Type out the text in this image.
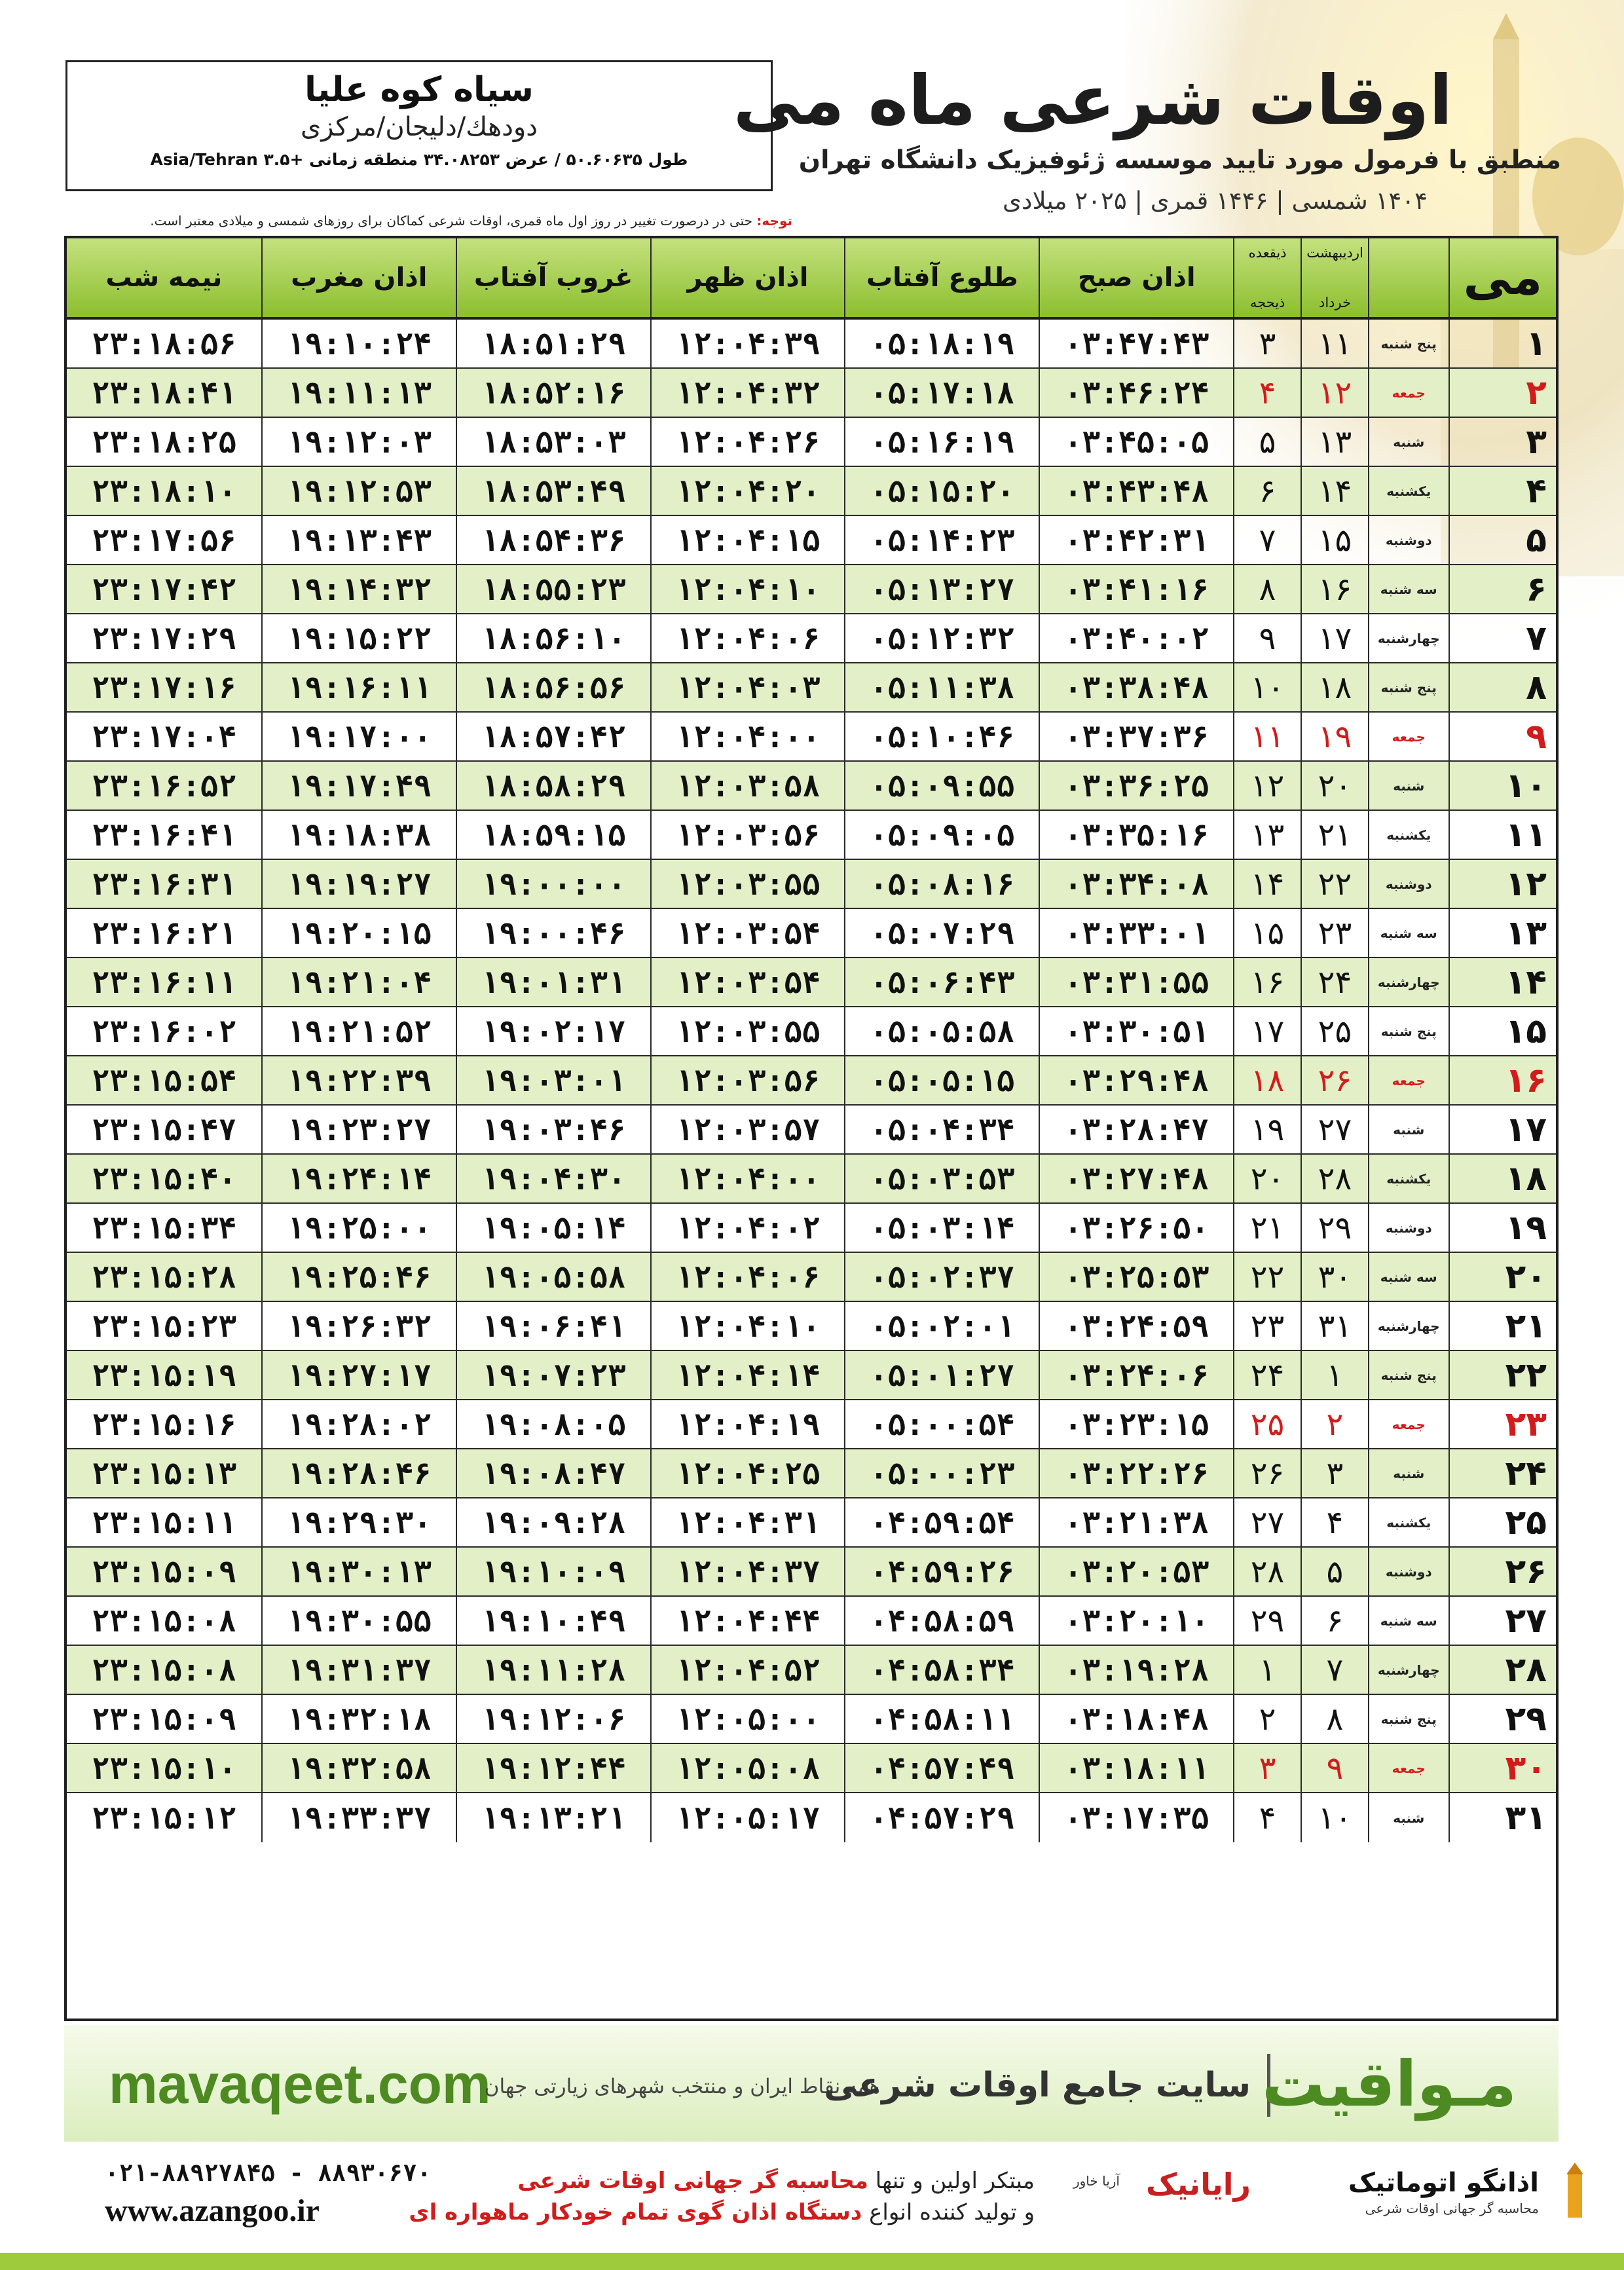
سیاه کوه علیا
دودهك/دلیجان/مرکزی
طول ۵۰.۶۰۶۳۵ / عرض ۳۴.۰۸۲۵۳ منطقه زمانی +۳.۵ Asia/Tehran
اوقات شرعی ماه می
منطبق با فرمول مورد تایید موسسه ژئوفیزیک دانشگاه تهران
۱۴۰۴ شمسی | ۱۴۴۶ قمری | ۲۰۲۵ میلادی
توجه: حتی در درصورت تغییر در روز اول ماه قمری، اوقات شرعی کماکان برای روزهای شمسی و میلادی معتبر است.
می
اردیبهشت
خرداد
ذیقعده
ذیحجه
اذان صبح
طلوع آفتاب
اذان ظهر
غروب آفتاب
اذان مغرب
نیمه شب
۱
پنج شنبه
۱۱
۳
۰۳:۴۷:۴۳
۰۵:۱۸:۱۹
۱۲:۰۴:۳۹
۱۸:۵۱:۲۹
۱۹:۱۰:۲۴
۲۳:۱۸:۵۶
۲
جمعه
۱۲
۴
۰۳:۴۶:۲۴
۰۵:۱۷:۱۸
۱۲:۰۴:۳۲
۱۸:۵۲:۱۶
۱۹:۱۱:۱۳
۲۳:۱۸:۴۱
۳
شنبه
۱۳
۵
۰۳:۴۵:۰۵
۰۵:۱۶:۱۹
۱۲:۰۴:۲۶
۱۸:۵۳:۰۳
۱۹:۱۲:۰۳
۲۳:۱۸:۲۵
۴
یکشنبه
۱۴
۶
۰۳:۴۳:۴۸
۰۵:۱۵:۲۰
۱۲:۰۴:۲۰
۱۸:۵۳:۴۹
۱۹:۱۲:۵۳
۲۳:۱۸:۱۰
۵
دوشنبه
۱۵
۷
۰۳:۴۲:۳۱
۰۵:۱۴:۲۳
۱۲:۰۴:۱۵
۱۸:۵۴:۳۶
۱۹:۱۳:۴۳
۲۳:۱۷:۵۶
۶
سه شنبه
۱۶
۸
۰۳:۴۱:۱۶
۰۵:۱۳:۲۷
۱۲:۰۴:۱۰
۱۸:۵۵:۲۳
۱۹:۱۴:۳۲
۲۳:۱۷:۴۲
۷
چهارشنبه
۱۷
۹
۰۳:۴۰:۰۲
۰۵:۱۲:۳۲
۱۲:۰۴:۰۶
۱۸:۵۶:۱۰
۱۹:۱۵:۲۲
۲۳:۱۷:۲۹
۸
پنج شنبه
۱۸
۱۰
۰۳:۳۸:۴۸
۰۵:۱۱:۳۸
۱۲:۰۴:۰۳
۱۸:۵۶:۵۶
۱۹:۱۶:۱۱
۲۳:۱۷:۱۶
۹
جمعه
۱۹
۱۱
۰۳:۳۷:۳۶
۰۵:۱۰:۴۶
۱۲:۰۴:۰۰
۱۸:۵۷:۴۲
۱۹:۱۷:۰۰
۲۳:۱۷:۰۴
۱۰
شنبه
۲۰
۱۲
۰۳:۳۶:۲۵
۰۵:۰۹:۵۵
۱۲:۰۳:۵۸
۱۸:۵۸:۲۹
۱۹:۱۷:۴۹
۲۳:۱۶:۵۲
۱۱
یکشنبه
۲۱
۱۳
۰۳:۳۵:۱۶
۰۵:۰۹:۰۵
۱۲:۰۳:۵۶
۱۸:۵۹:۱۵
۱۹:۱۸:۳۸
۲۳:۱۶:۴۱
۱۲
دوشنبه
۲۲
۱۴
۰۳:۳۴:۰۸
۰۵:۰۸:۱۶
۱۲:۰۳:۵۵
۱۹:۰۰:۰۰
۱۹:۱۹:۲۷
۲۳:۱۶:۳۱
۱۳
سه شنبه
۲۳
۱۵
۰۳:۳۳:۰۱
۰۵:۰۷:۲۹
۱۲:۰۳:۵۴
۱۹:۰۰:۴۶
۱۹:۲۰:۱۵
۲۳:۱۶:۲۱
۱۴
چهارشنبه
۲۴
۱۶
۰۳:۳۱:۵۵
۰۵:۰۶:۴۳
۱۲:۰۳:۵۴
۱۹:۰۱:۳۱
۱۹:۲۱:۰۴
۲۳:۱۶:۱۱
۱۵
پنج شنبه
۲۵
۱۷
۰۳:۳۰:۵۱
۰۵:۰۵:۵۸
۱۲:۰۳:۵۵
۱۹:۰۲:۱۷
۱۹:۲۱:۵۲
۲۳:۱۶:۰۲
۱۶
جمعه
۲۶
۱۸
۰۳:۲۹:۴۸
۰۵:۰۵:۱۵
۱۲:۰۳:۵۶
۱۹:۰۳:۰۱
۱۹:۲۲:۳۹
۲۳:۱۵:۵۴
۱۷
شنبه
۲۷
۱۹
۰۳:۲۸:۴۷
۰۵:۰۴:۳۴
۱۲:۰۳:۵۷
۱۹:۰۳:۴۶
۱۹:۲۳:۲۷
۲۳:۱۵:۴۷
۱۸
یکشنبه
۲۸
۲۰
۰۳:۲۷:۴۸
۰۵:۰۳:۵۳
۱۲:۰۴:۰۰
۱۹:۰۴:۳۰
۱۹:۲۴:۱۴
۲۳:۱۵:۴۰
۱۹
دوشنبه
۲۹
۲۱
۰۳:۲۶:۵۰
۰۵:۰۳:۱۴
۱۲:۰۴:۰۲
۱۹:۰۵:۱۴
۱۹:۲۵:۰۰
۲۳:۱۵:۳۴
۲۰
سه شنبه
۳۰
۲۲
۰۳:۲۵:۵۳
۰۵:۰۲:۳۷
۱۲:۰۴:۰۶
۱۹:۰۵:۵۸
۱۹:۲۵:۴۶
۲۳:۱۵:۲۸
۲۱
چهارشنبه
۳۱
۲۳
۰۳:۲۴:۵۹
۰۵:۰۲:۰۱
۱۲:۰۴:۱۰
۱۹:۰۶:۴۱
۱۹:۲۶:۳۲
۲۳:۱۵:۲۳
۲۲
پنج شنبه
۱
۲۴
۰۳:۲۴:۰۶
۰۵:۰۱:۲۷
۱۲:۰۴:۱۴
۱۹:۰۷:۲۳
۱۹:۲۷:۱۷
۲۳:۱۵:۱۹
۲۳
جمعه
۲
۲۵
۰۳:۲۳:۱۵
۰۵:۰۰:۵۴
۱۲:۰۴:۱۹
۱۹:۰۸:۰۵
۱۹:۲۸:۰۲
۲۳:۱۵:۱۶
۲۴
شنبه
۳
۲۶
۰۳:۲۲:۲۶
۰۵:۰۰:۲۳
۱۲:۰۴:۲۵
۱۹:۰۸:۴۷
۱۹:۲۸:۴۶
۲۳:۱۵:۱۳
۲۵
یکشنبه
۴
۲۷
۰۳:۲۱:۳۸
۰۴:۵۹:۵۴
۱۲:۰۴:۳۱
۱۹:۰۹:۲۸
۱۹:۲۹:۳۰
۲۳:۱۵:۱۱
۲۶
دوشنبه
۵
۲۸
۰۳:۲۰:۵۳
۰۴:۵۹:۲۶
۱۲:۰۴:۳۷
۱۹:۱۰:۰۹
۱۹:۳۰:۱۳
۲۳:۱۵:۰۹
۲۷
سه شنبه
۶
۲۹
۰۳:۲۰:۱۰
۰۴:۵۸:۵۹
۱۲:۰۴:۴۴
۱۹:۱۰:۴۹
۱۹:۳۰:۵۵
۲۳:۱۵:۰۸
۲۸
چهارشنبه
۷
۱
۰۳:۱۹:۲۸
۰۴:۵۸:۳۴
۱۲:۰۴:۵۲
۱۹:۱۱:۲۸
۱۹:۳۱:۳۷
۲۳:۱۵:۰۸
۲۹
پنج شنبه
۸
۲
۰۳:۱۸:۴۸
۰۴:۵۸:۱۱
۱۲:۰۵:۰۰
۱۹:۱۲:۰۶
۱۹:۳۲:۱۸
۲۳:۱۵:۰۹
۳۰
جمعه
۹
۳
۰۳:۱۸:۱۱
۰۴:۵۷:۴۹
۱۲:۰۵:۰۸
۱۹:۱۲:۴۴
۱۹:۳۲:۵۸
۲۳:۱۵:۱۰
۳۱
شنبه
۱۰
۴
۰۳:۱۷:۳۵
۰۴:۵۷:۲۹
۱۲:۰۵:۱۷
۱۹:۱۳:۲۱
۱۹:۳۳:۳۷
۲۳:۱۵:۱۲
mavaqeet.com
همه نقاط ایران و منتخب شهرهای زیارتی جهان
سایت جامع اوقات شرعی مـواقیت
۰۲۱-۸۸۹۲۷۸۴۵ - ۸۸۹۳۰۶۷۰
www.azangoo.ir
مبتکر اولین و تنها محاسبه گر جهانی اوقات شرعی
و تولید کننده انواع دستگاه اذان گوی تمام خودکار ماهواره ای
آریا خاور رایانیک	اذانگو اتوماتیک
محاسبه گر جهانی اوقات شرعی
